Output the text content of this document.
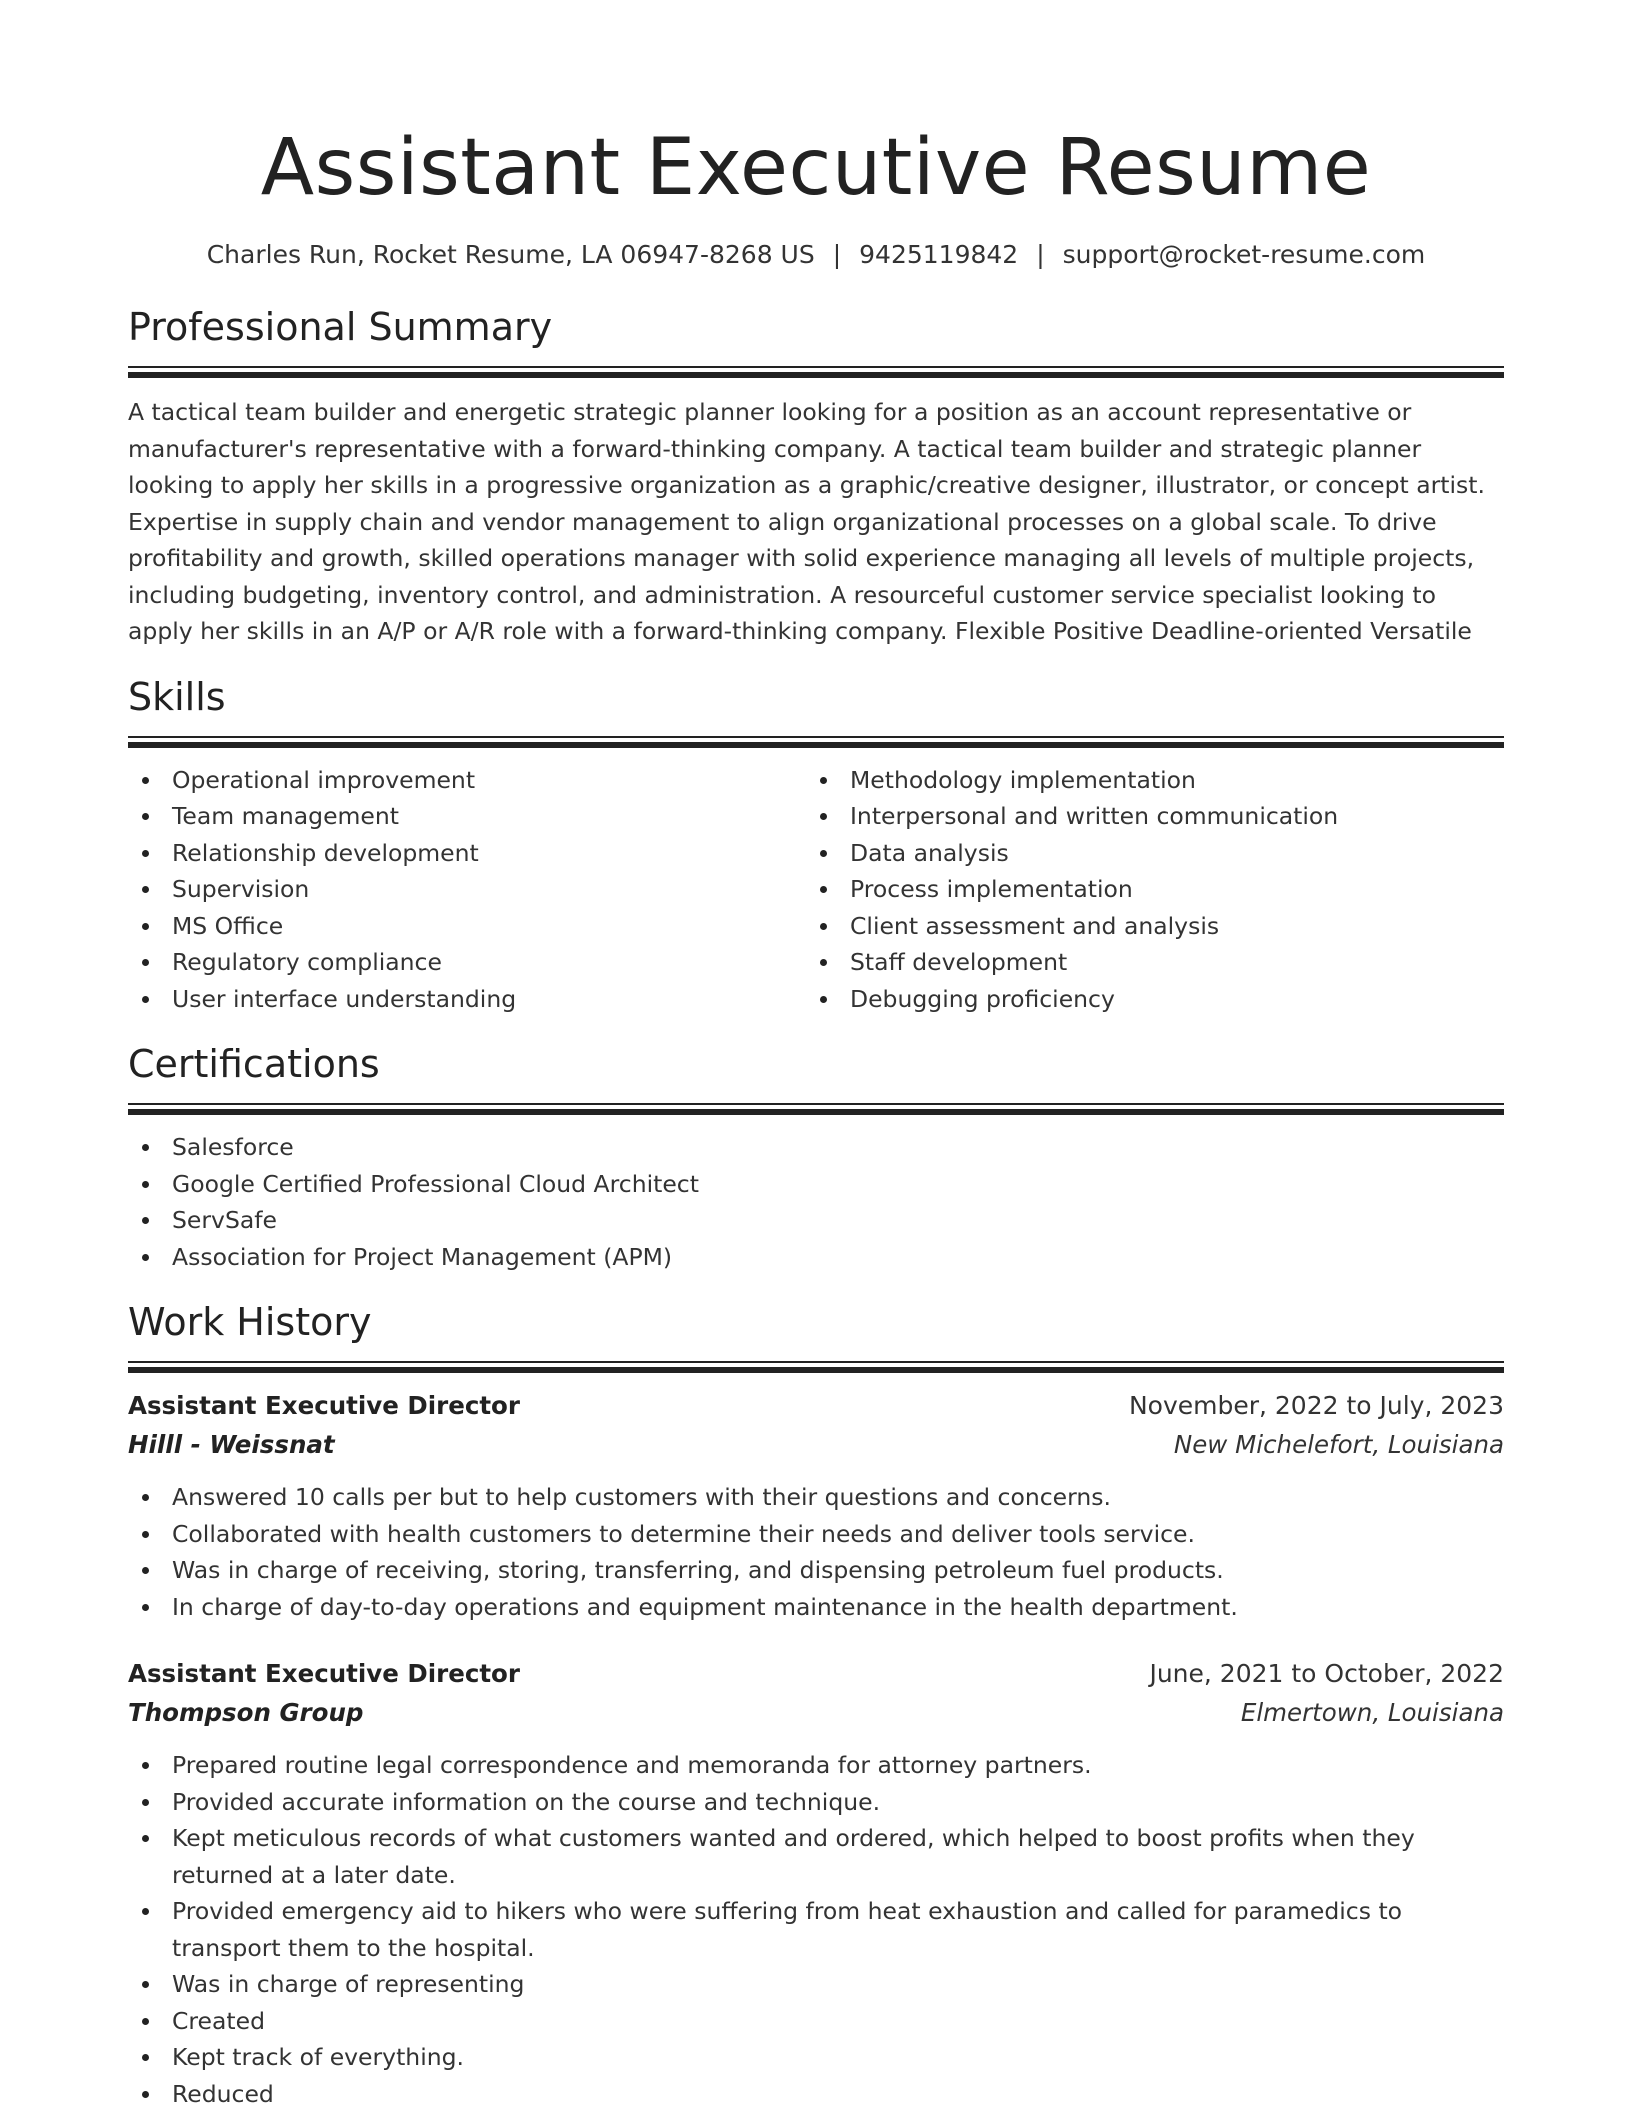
Assistant Executive Resume
Charles Run, Rocket Resume, LA 06947-8268 US | 9425119842 | support@rocket-resume.com
Professional Summary
A tactical team builder and energetic strategic planner looking for a position as an account representative or manufacturer's representative with a forward-thinking company. A tactical team builder and strategic planner looking to apply her skills in a progressive organization as a graphic/creative designer, illustrator, or concept artist. Expertise in supply chain and vendor management to align organizational processes on a global scale. To drive profitability and growth, skilled operations manager with solid experience managing all levels of multiple projects, including budgeting, inventory control, and administration. A resourceful customer service specialist looking to apply her skills in an A/P or A/R role with a forward-thinking company. Flexible Positive Deadline-oriented Versatile
Skills
Operational improvement
Team management
Relationship development
Supervision
MS Office
Regulatory compliance
User interface understanding
Methodology implementation
Interpersonal and written communication
Data analysis
Process implementation
Client assessment and analysis
Staff development
Debugging proficiency
Certifications
Salesforce
Google Certified Professional Cloud Architect
ServSafe
Association for Project Management (APM)
Work History
Assistant Executive Director	November, 2022 to July, 2023
Hilll - Weissnat	New Michelefort, Louisiana
Answered 10 calls per but to help customers with their questions and concerns.
Collaborated with health customers to determine their needs and deliver tools service.
Was in charge of receiving, storing, transferring, and dispensing petroleum fuel products.
In charge of day-to-day operations and equipment maintenance in the health department.
Assistant Executive Director	June, 2021 to October, 2022
Thompson Group	Elmertown, Louisiana
Prepared routine legal correspondence and memoranda for attorney partners.
Provided accurate information on the course and technique.
Kept meticulous records of what customers wanted and ordered, which helped to boost profits when they returned at a later date.
Provided emergency aid to hikers who were suffering from heat exhaustion and called for paramedics to transport them to the hospital.
Was in charge of representing
Created
Kept track of everything.
Reduced
